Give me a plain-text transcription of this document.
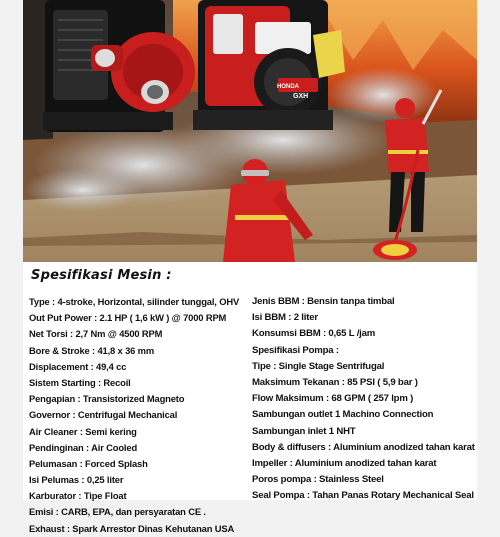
HONDA
GXH
Spesifikasi Mesin :
Type : 4-stroke, Horizontal, silinder tunggal, OHV
Out Put Power : 2.1 HP ( 1,6 kW ) @ 7000 RPM
Net Torsi : 2,7 Nm @ 4500 RPM
Bore & Stroke : 41,8 x 36 mm
Displacement : 49,4 cc
Sistem Starting : Recoil
Pengapian : Transistorized Magneto
Governor : Centrifugal Mechanical
Air Cleaner : Semi kering
Pendinginan : Air Cooled
Pelumasan : Forced Splash
Isi Pelumas : 0,25 liter
Karburator : Tipe Float
Emisi : CARB, EPA, dan persyaratan CE .
Exhaust : Spark Arrestor Dinas Kehutanan USA
Jenis BBM : Bensin tanpa timbal
Isi BBM : 2 liter
Konsumsi BBM : 0,65 L /jam
Spesifikasi Pompa :
Tipe : Single Stage Sentrifugal
Maksimum Tekanan : 85 PSI ( 5,9 bar )
Flow Maksimum : 68 GPM ( 257 lpm )
Sambungan outlet 1 Machino Connection
Sambungan inlet 1 NHT
Body & diffusers : Aluminium anodized tahan karat
Impeller : Aluminium anodized tahan karat
Poros pompa : Stainless Steel
Seal Pompa : Tahan Panas Rotary Mechanical Seal
